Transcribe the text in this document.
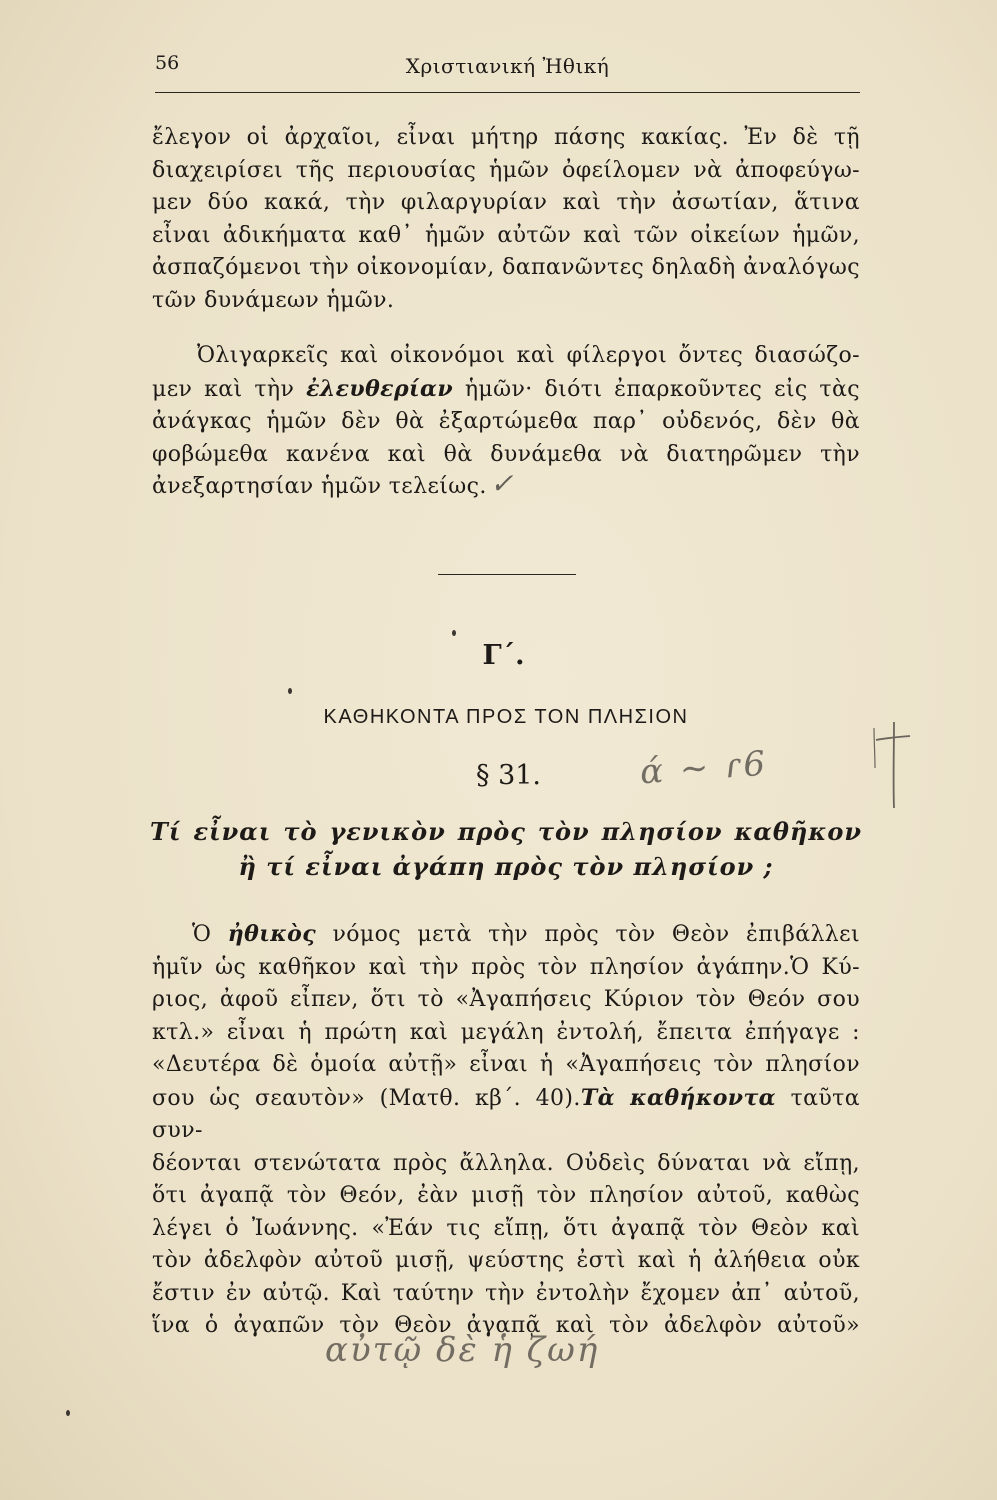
56	Χριστιανική Ἠθική
ἔλεγον οἱ ἀρχαῖοι, εἶναι μήτηρ πάσης κακίας. Ἐν δὲ τῇ
διαχειρίσει τῆς περιουσίας ἡμῶν ὀφείλομεν νὰ ἀποφεύγω-
μεν δύο κακά, τὴν φιλαργυρίαν καὶ τὴν ἀσωτίαν, ἅτινα
εἶναι ἀδικήματα καθ᾿ ἡμῶν αὐτῶν καὶ τῶν οἰκείων ἡμῶν,
ἀσπαζόμενοι τὴν οἰκονομίαν, δαπανῶντες δηλαδὴ ἀναλόγως
τῶν δυνάμεων ἡμῶν.
Ὀλιγαρκεῖς καὶ οἰκονόμοι καὶ φίλεργοι ὄντες διασώζο-
μεν καὶ τὴν ἐλευθερίαν ἡμῶν· διότι ἐπαρκοῦντες εἰς τὰς
ἀνάγκας ἡμῶν δὲν θὰ ἐξαρτώμεθα παρ᾿ οὐδενός, δὲν θὰ
φοβώμεθα κανένα καὶ θὰ δυνάμεθα νὰ διατηρῶμεν τὴν
ἀνεξαρτησίαν ἡμῶν τελείως. ✓
Γ΄.
ΚΑΘΗΚΟΝΤΑ ΠΡΟΣ ΤΟΝ ΠΛΗΣΙΟΝ
§ 31.	ά ∼ ɾ6
Τί εἶναι τὸ γενικὸν πρὸς τὸν πλησίον καθῆκον
ἢ τί εἶναι ἀγάπη πρὸς τὸν πλησίον ;
Ὁ ἠθικὸς νόμος μετὰ τὴν πρὸς τὸν Θεὸν ἐπιβάλλει
ἡμῖν ὡς καθῆκον καὶ τὴν πρὸς τὸν πλησίον ἀγάπην.Ὁ Κύ-
ριος, ἀφοῦ εἶπεν, ὅτι τὸ «Ἀγαπήσεις Κύριον τὸν Θεόν σου
κτλ.» εἶναι ἡ πρώτη καὶ μεγάλη ἐντολή, ἔπειτα ἐπήγαγε :
«Δευτέρα δὲ ὁμοία αὐτῇ» εἶναι ἡ «Ἀγαπήσεις τὸν πλησίον
σου ὡς σεαυτὸν» (Ματθ. κβ΄. 40).Τὰ καθήκοντα ταῦτα συν-
δέονται στενώτατα πρὸς ἄλληλα. Οὐδεὶς δύναται νὰ εἴπῃ,
ὅτι ἀγαπᾷ τὸν Θεόν, ἐὰν μισῇ τὸν πλησίον αὐτοῦ, καθὼς
λέγει ὁ Ἰωάννης. «Ἐάν τις εἴπῃ, ὅτι ἀγαπᾷ τὸν Θεὸν καὶ
τὸν ἀδελφὸν αὐτοῦ μισῇ, ψεύστης ἐστὶ καὶ ἡ ἀλήθεια οὐκ
ἔστιν ἐν αὐτῷ. Καὶ ταύτην τὴν ἐντολὴν ἔχομεν ἀπ᾿ αὐτοῦ,
ἵνα ὁ ἀγαπῶν τὸν Θεὸν ἀγαπᾷ καὶ τὸν ἀδελφὸν αὐτοῦ»
αὐτῷ δὲ ἡ ζωή
